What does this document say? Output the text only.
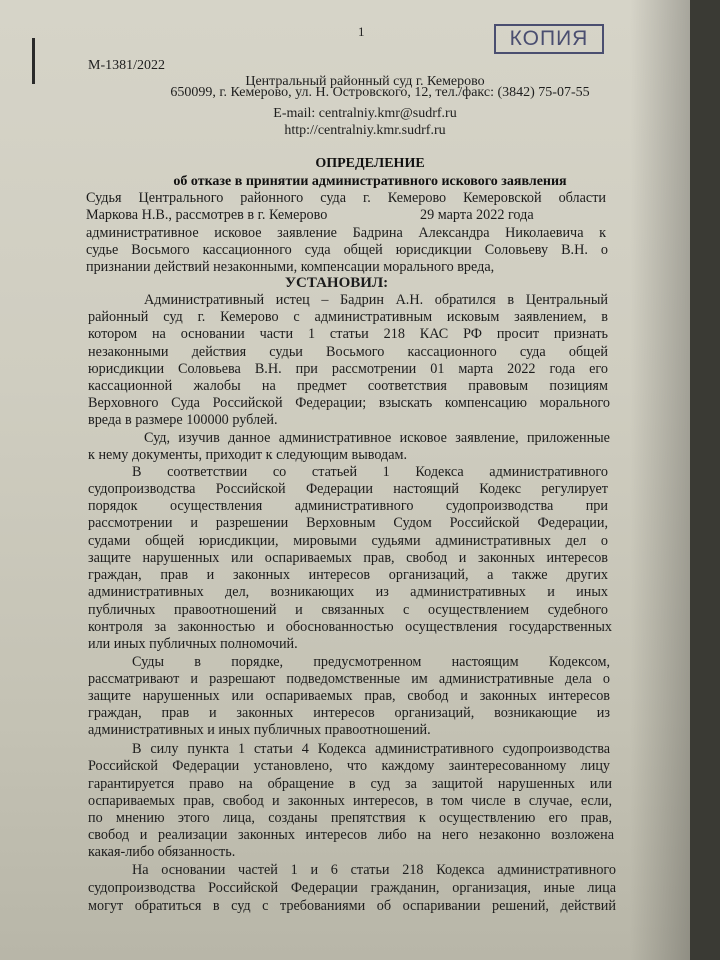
1	КОПИЯ
М-1381/2022

Центральный районный суд г. Кемерово

650099, г. Кемерово, ул. Н. Островского, 12, тел./факс: (3842) 75-07-55

E-mail: centralniy.kmr@sudrf.ru

http://centralniy.kmr.sudrf.ru

ОПРЕДЕЛЕНИЕ

об отказе в принятии административного искового заявления

Судья Центрального районного суда г. Кемерово Кемеровской области

Маркова Н.В., рассмотрев в г. Кемерово	29 марта 2022 года

административное исковое заявление Бадрина Александра Николаевича к

судье Восьмого кассационного суда общей юрисдикции Соловьеву В.Н. о

признании действий незаконными, компенсации морального вреда,

УСТАНОВИЛ:

Административный истец – Бадрин А.Н. обратился в Центральный

районный суд г. Кемерово с административным исковым заявлением, в

котором на основании части 1 статьи 218 КАС РФ просит признать

незаконными действия судьи Восьмого кассационного суда общей

юрисдикции Соловьева В.Н. при рассмотрении 01 марта 2022 года его

кассационной жалобы на предмет соответствия правовым позициям

Верховного Суда Российской Федерации; взыскать компенсацию морального

вреда в размере 100000 рублей.

Суд, изучив данное административное исковое заявление, приложенные

к нему документы, приходит к следующим выводам.

В соответствии со статьей 1 Кодекса административного

судопроизводства Российской Федерации настоящий Кодекс регулирует

порядок осуществления административного судопроизводства при

рассмотрении и разрешении Верховным Судом Российской Федерации,

судами общей юрисдикции, мировыми судьями административных дел о

защите нарушенных или оспариваемых прав, свобод и законных интересов

граждан, прав и законных интересов организаций, а также других

административных дел, возникающих из административных и иных

публичных правоотношений и связанных с осуществлением судебного

контроля за законностью и обоснованностью осуществления государственных

или иных публичных полномочий.

Суды в порядке, предусмотренном настоящим Кодексом,

рассматривают и разрешают подведомственные им административные дела о

защите нарушенных или оспариваемых прав, свобод и законных интересов

граждан, прав и законных интересов организаций, возникающие из

административных и иных публичных правоотношений.

В силу пункта 1 статьи 4 Кодекса административного судопроизводства

Российской Федерации установлено, что каждому заинтересованному лицу

гарантируется право на обращение в суд за защитой нарушенных или

оспариваемых прав, свобод и законных интересов, в том числе в случае, если,

по мнению этого лица, созданы препятствия к осуществлению его прав,

свобод и реализации законных интересов либо на него незаконно возложена

какая-либо обязанность.

На основании частей 1 и 6 статьи 218 Кодекса административного

судопроизводства Российской Федерации гражданин, организация, иные лица

могут обратиться в суд с требованиями об оспаривании решений, действий
